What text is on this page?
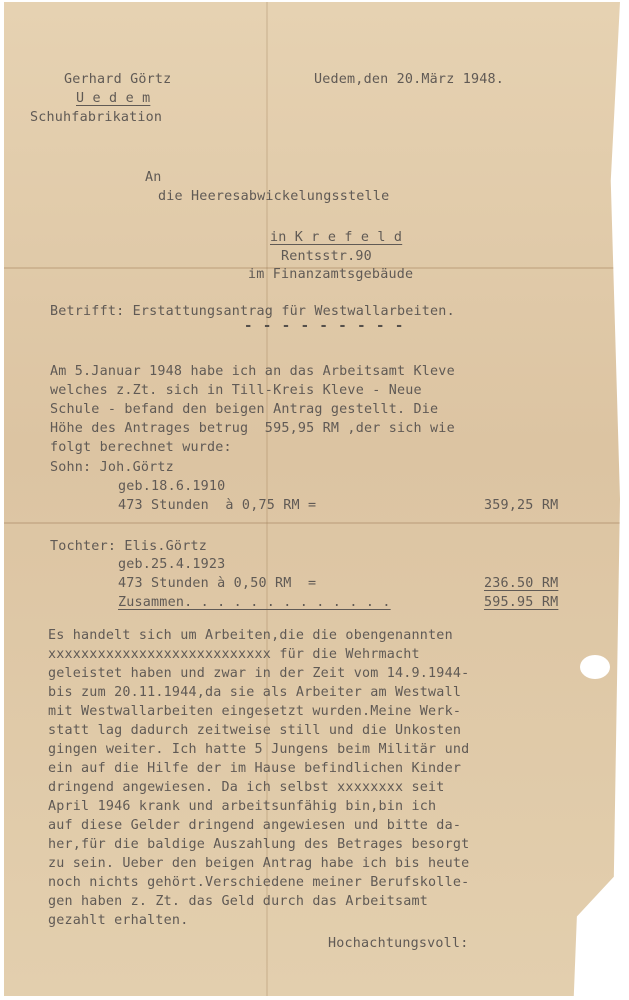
Gerhard Görtz
U e d e m
Schuhfabrikation
Uedem,den 20.März 1948.
An
die Heeresabwickelungsstelle
in K r e f e l d
Rentsstr.90
im Finanzamtsgebäude
Betrifft: Erstattungsantrag für Westwallarbeiten.
- - - - - - - - -
Am 5.Januar 1948 habe ich an das Arbeitsamt Kleve
welches z.Zt. sich in Till-Kreis Kleve - Neue
Schule - befand den beigen Antrag gestellt. Die
Höhe des Antrages betrug  595,95 RM ,der sich wie
folgt berechnet wurde:
Sohn: Joh.Görtz
geb.18.6.1910
473 Stunden  à 0,75 RM =	359,25 RM
Tochter: Elis.Görtz
geb.25.4.1923
473 Stunden à 0,50 RM  =	236.50 RM
Zusammen. . . . . . . . . . . . .	595.95 RM
Es handelt sich um Arbeiten,die die obengenannten
xxxxxxxxxxxxxxxxxxxxxxxxxxx für die Wehrmacht
geleistet haben und zwar in der Zeit vom 14.9.1944-
bis zum 20.11.1944,da sie als Arbeiter am Westwall
mit Westwallarbeiten eingesetzt wurden.Meine Werk-
statt lag dadurch zeitweise still und die Unkosten
gingen weiter. Ich hatte 5 Jungens beim Militär und
ein auf die Hilfe der im Hause befindlichen Kinder
dringend angewiesen. Da ich selbst xxxxxxxx seit
April 1946 krank und arbeitsunfähig bin,bin ich
auf diese Gelder dringend angewiesen und bitte da-
her,für die baldige Auszahlung des Betrages besorgt
zu sein. Ueber den beigen Antrag habe ich bis heute
noch nichts gehört.Verschiedene meiner Berufskolle-
gen haben z. Zt. das Geld durch das Arbeitsamt
gezahlt erhalten.
Hochachtungsvoll:
